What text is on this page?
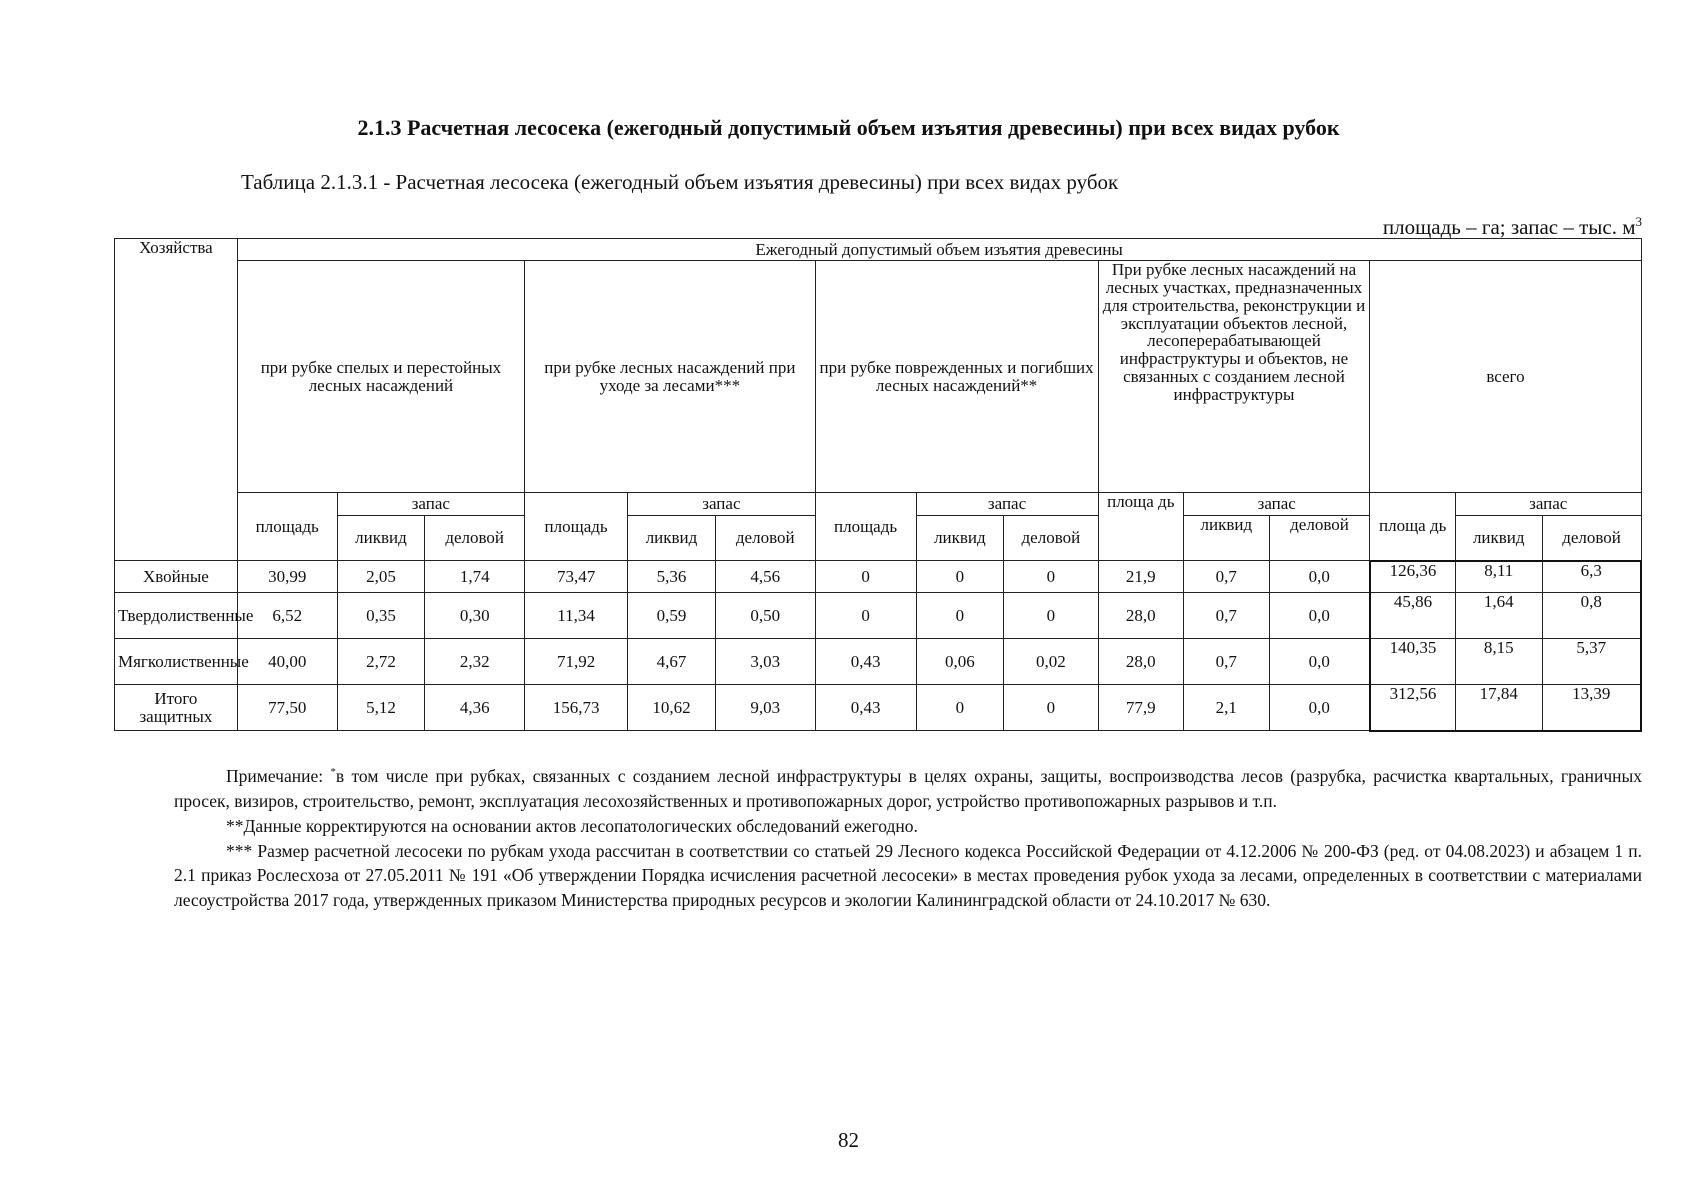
2.1.3 Расчетная лесосека (ежегодный допустимый объем изъятия древесины) при всех видах рубок
Таблица 2.1.3.1 - Расчетная лесосека (ежегодный объем изъятия древесины) при всех видах рубок
площадь – га; запас – тыс. $м^3$
Хозяйства	Ежегодный допустимый объем изъятия древесины														
	при рубке спелых и перестойных лесных насаждений			при рубке лесных насаждений при уходе за лесами***			при рубке поврежденных и погибших лесных насаждений**			При рубке лесных насаждений на лесных участках, предназначенных для строительства, реконструкции и эксплуатации объектов лесной, лесоперерабатывающей инфраструктуры и объектов, не связанных с созданием лесной инфраструктуры			всего		
	площадь	запас		площадь	запас		площадь	запас		площа дь	запас		площа дь	запас	
		ликвид	деловой		ликвид	деловой		ликвид	деловой		ликвид	деловой		ликвид	деловой
Хвойные	30,99	2,05	1,74	73,47	5,36	4,56	0	0	0	21,9	0,7	0,0	126,36	8,11	6,3
Твердолиственные	6,52	0,35	0,30	11,34	0,59	0,50	0	0	0	28,0	0,7	0,0	45,86	1,64	0,8
Мягколиственные	40,00	2,72	2,32	71,92	4,67	3,03	0,43	0,06	0,02	28,0	0,7	0,0	140,35	8,15	5,37
Итого защитных	77,50	5,12	4,36	156,73	10,62	9,03	0,43	0	0	77,9	2,1	0,0	312,56	17,84	13,39

Примечание: *в том числе при рубках, связанных с созданием лесной инфраструктуры в целях охраны, защиты, воспроизводства лесов (разрубка, расчистка квартальных, граничных просек, визиров, строительство, ремонт, эксплуатация лесохозяйственных и противопожарных дорог, устройство противопожарных разрывов и т.п.

**Данные корректируются на основании актов лесопатологических обследований ежегодно.

*** Размер расчетной лесосеки по рубкам ухода рассчитан в соответствии со статьей 29 Лесного кодекса Российской Федерации от 4.12.2006 № 200-ФЗ (ред. от 04.08.2023) и абзацем 1 п. 2.1 приказ Рослесхоза от 27.05.2011 № 191 «Об утверждении Порядка исчисления расчетной лесосеки» в местах проведения рубок ухода за лесами, определенных в соответствии с материалами лесоустройства 2017 года, утвержденных приказом Министерства природных ресурсов и экологии Калининградской области от 24.10.2017 № 630.

82
